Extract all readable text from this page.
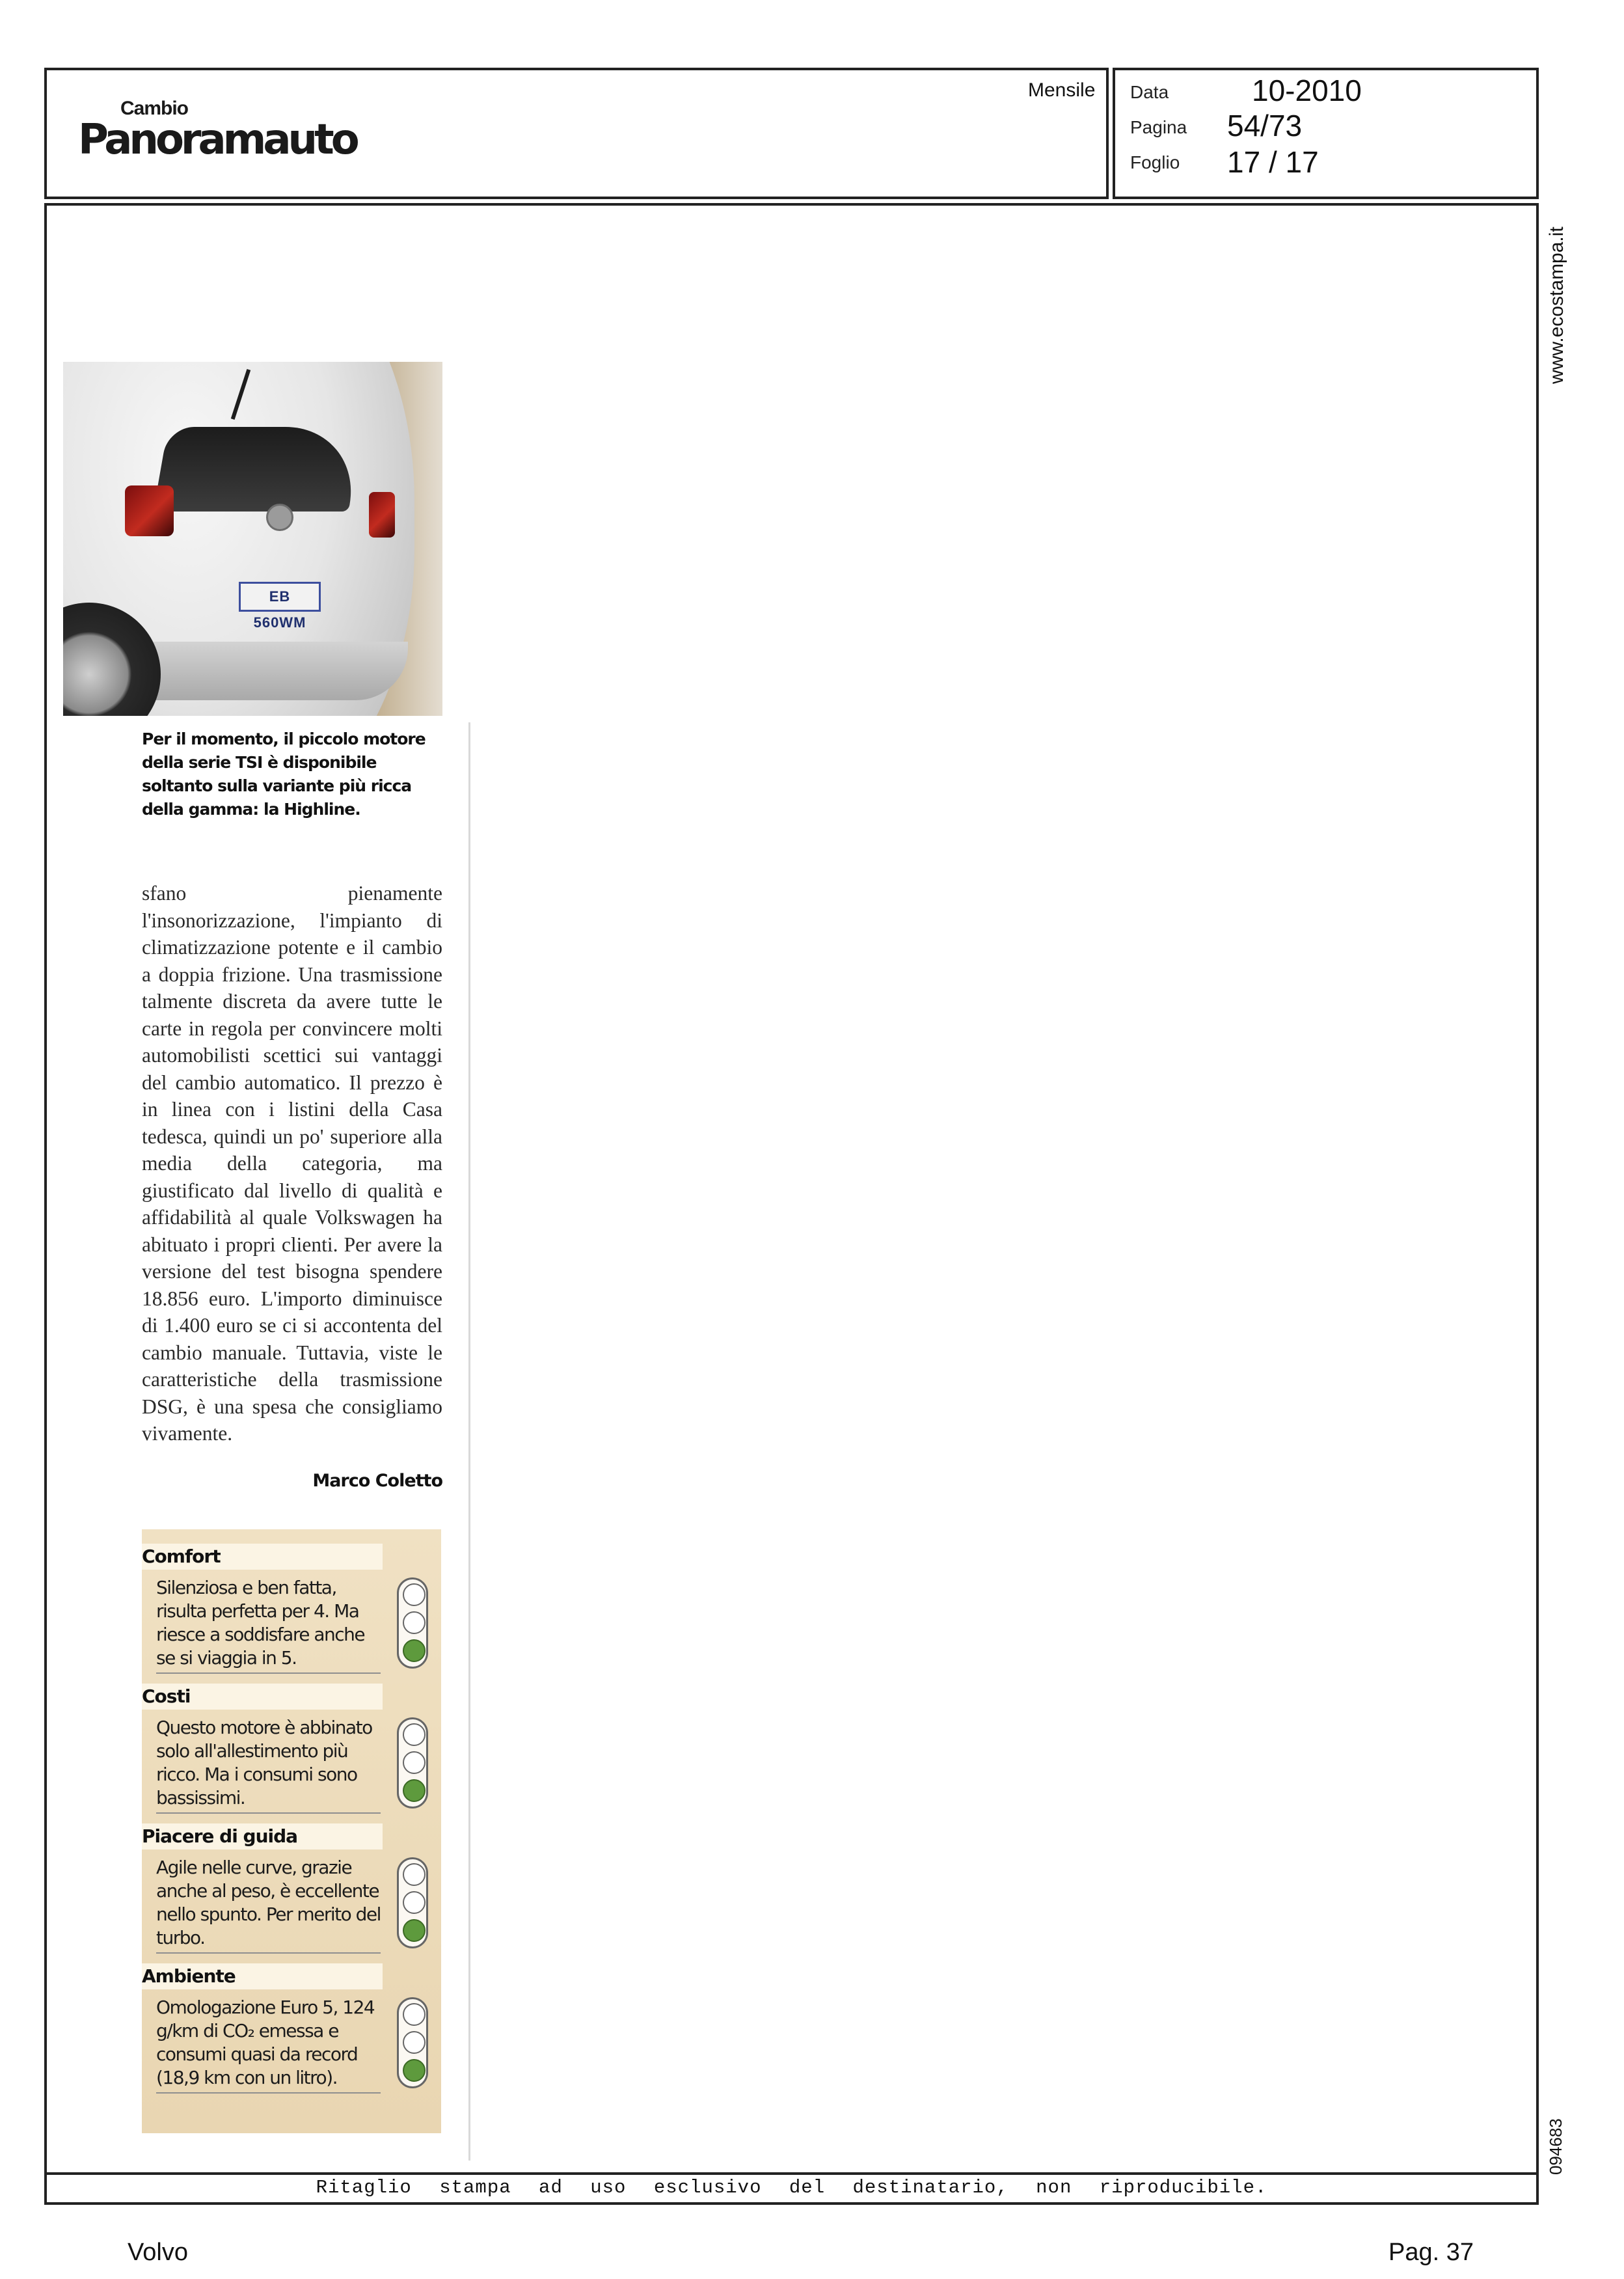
Cambio
Panoramauto
Mensile Data	10-2010
Pagina 54/73
Foglio 17 / 17
Ritaglio stampa ad uso esclusivo del destinatario, non riproducibile.
www.ecostampa.it
094683
EB 560WM
Per il momento, il piccolo motore della serie TSI è disponibile soltanto sulla variante più ricca della gamma: la Highline.

sfano pienamente l'insonorizzazione, l'impianto di climatizzazione potente e il cambio a doppia frizione. Una trasmissione talmente discreta da avere tutte le carte in regola per convincere molti automobilisti scettici sui vantaggi del cambio automatico. Il prezzo è in linea con i listini della Casa tedesca, quindi un po' superiore alla media della categoria, ma giustificato dal livello di qualità e affidabilità al quale Volkswagen ha abituato i propri clienti. Per avere la versione del test bisogna spendere 18.856 euro. L'importo diminuisce di 1.400 euro se ci si accontenta del cambio manuale. Tuttavia, viste le caratteristiche della trasmissione DSG, è una spesa che consigliamo vivamente.

Marco Coletto
Comfort
Silenziosa e ben fatta, risulta perfetta per 4. Ma riesce a soddisfare anche se si viaggia in 5.
Costi
Questo motore è abbinato solo all'allestimento più ricco. Ma i consumi sono bassissimi.
Piacere di guida
Agile nelle curve, grazie anche al peso, è eccellente nello spunto. Per merito del turbo.
Ambiente
Omologazione Euro 5, 124 g/km di CO₂ emessa e consumi quasi da record (18,9 km con un litro).
Volvo	Pag. 37
